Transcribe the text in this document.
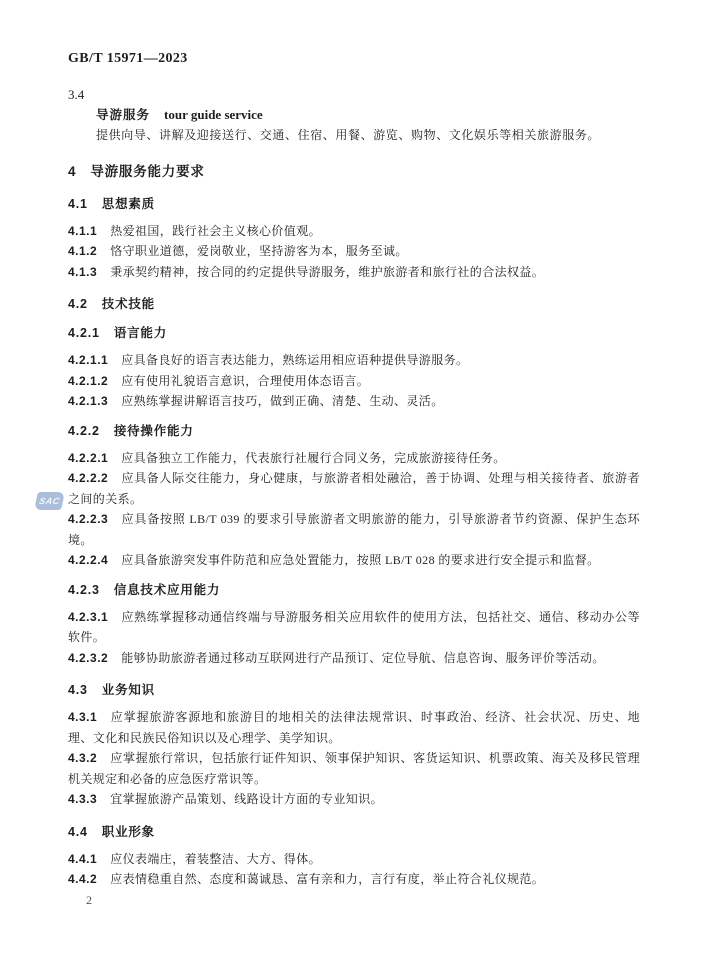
GB/T 15971—2023
SAC

3.4

导游服务 tour guide service

提供向导、讲解及迎接送行、交通、住宿、用餐、游览、购物、文化娱乐等相关旅游服务。

4 导游服务能力要求
4.1 思想素质

4.1.1 热爱祖国，践行社会主义核心价值观。

4.1.2 恪守职业道德，爱岗敬业，坚持游客为本，服务至诚。

4.1.3 秉承契约精神，按合同的约定提供导游服务，维护旅游者和旅行社的合法权益。

4.2 技术技能
4.2.1 语言能力

4.2.1.1 应具备良好的语言表达能力，熟练运用相应语种提供导游服务。

4.2.1.2 应有使用礼貌语言意识，合理使用体态语言。

4.2.1.3 应熟练掌握讲解语言技巧，做到正确、清楚、生动、灵活。

4.2.2 接待操作能力

4.2.2.1 应具备独立工作能力，代表旅行社履行合同义务，完成旅游接待任务。

4.2.2.2 应具备人际交往能力，身心健康，与旅游者相处融洽，善于协调、处理与相关接待者、旅游者之间的关系。

4.2.2.3 应具备按照 LB/T 039 的要求引导旅游者文明旅游的能力，引导旅游者节约资源、保护生态环境。

4.2.2.4 应具备旅游突发事件防范和应急处置能力，按照 LB/T 028 的要求进行安全提示和监督。

4.2.3 信息技术应用能力

4.2.3.1 应熟练掌握移动通信终端与导游服务相关应用软件的使用方法，包括社交、通信、移动办公等软件。

4.2.3.2 能够协助旅游者通过移动互联网进行产品预订、定位导航、信息咨询、服务评价等活动。

4.3 业务知识

4.3.1 应掌握旅游客源地和旅游目的地相关的法律法规常识、时事政治、经济、社会状况、历史、地理、文化和民族民俗知识以及心理学、美学知识。

4.3.2 应掌握旅行常识，包括旅行证件知识、领事保护知识、客货运知识、机票政策、海关及移民管理机关规定和必备的应急医疗常识等。

4.3.3 宜掌握旅游产品策划、线路设计方面的专业知识。

4.4 职业形象

4.4.1 应仪表端庄，着装整洁、大方、得体。

4.4.2 应表情稳重自然、态度和蔼诚恳、富有亲和力，言行有度，举止符合礼仪规范。

2
